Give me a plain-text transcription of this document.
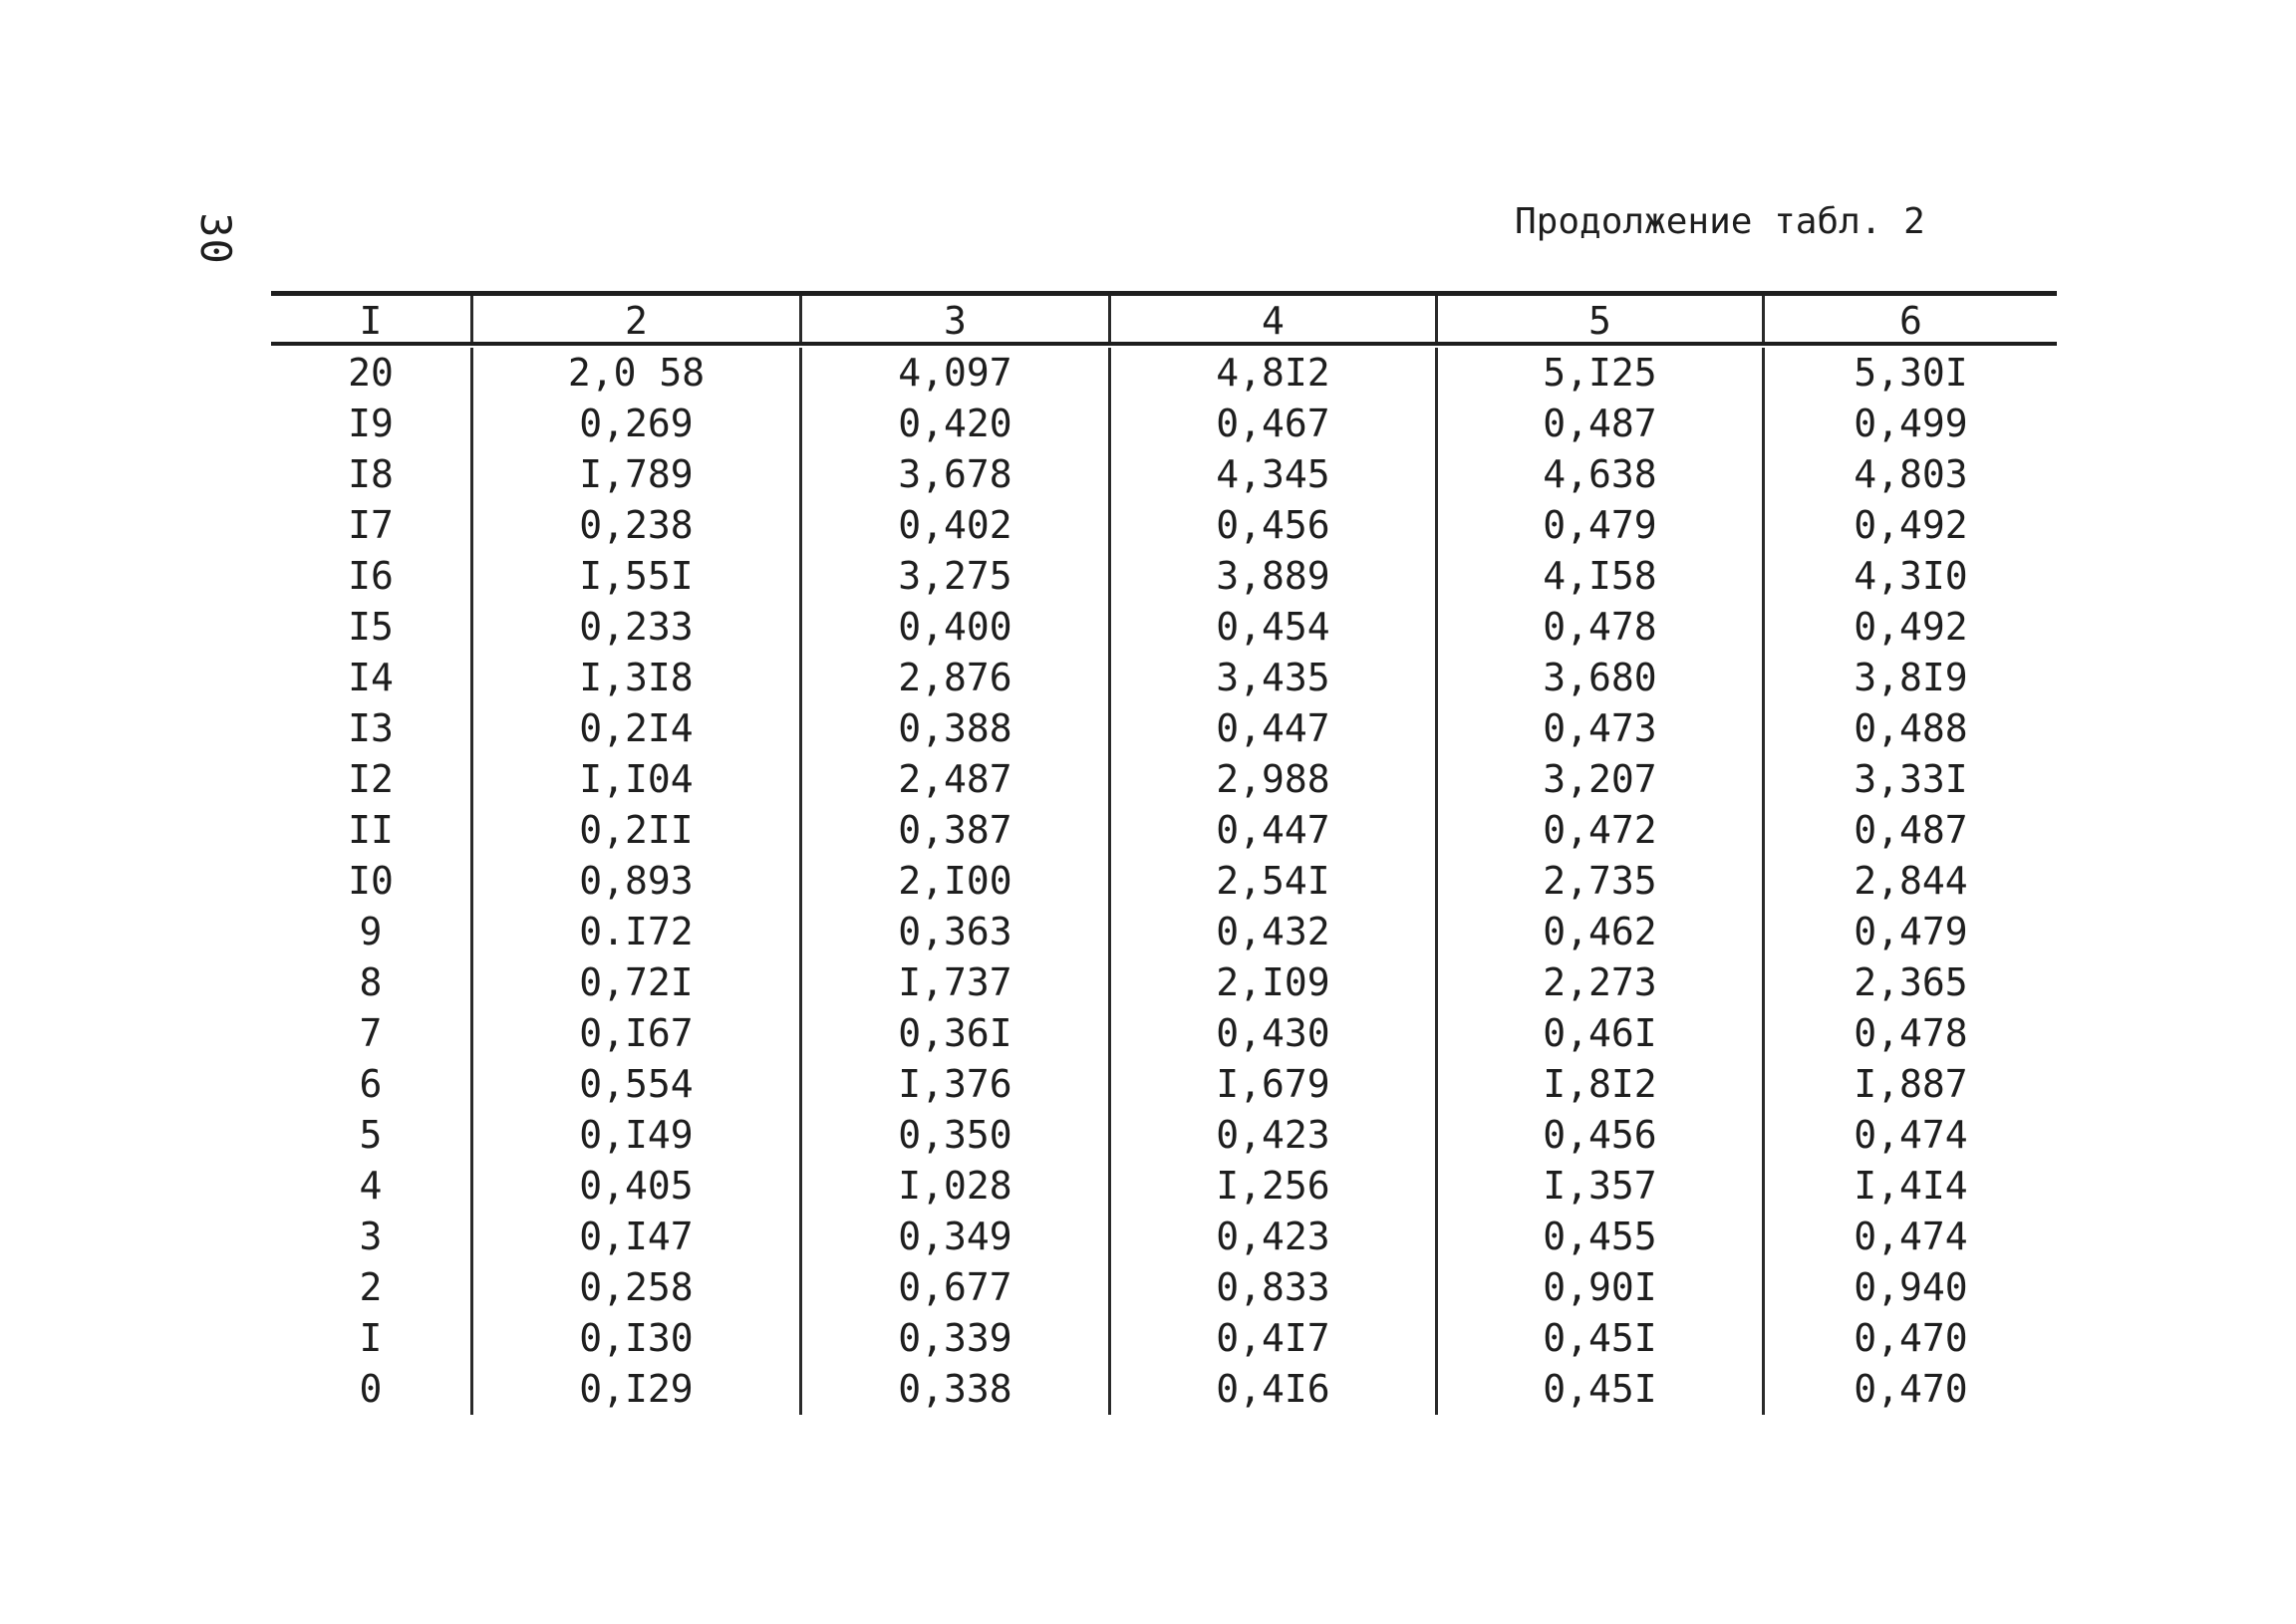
30	Продолжение табл. 2
I	2	3	4	5	6
20	2,0 58	4,097	4,8I2	5,I25	5,30I
I9	0,269	0,420	0,467	0,487	0,499
I8	I,789	3,678	4,345	4,638	4,803
I7	0,238	0,402	0,456	0,479	0,492
I6	I,55I	3,275	3,889	4,I58	4,3I0
I5	0,233	0,400	0,454	0,478	0,492
I4	I,3I8	2,876	3,435	3,680	3,8I9
I3	0,2I4	0,388	0,447	0,473	0,488
I2	I,I04	2,487	2,988	3,207	3,33I
II	0,2II	0,387	0,447	0,472	0,487
I0	0,893	2,I00	2,54I	2,735	2,844
9	0.I72	0,363	0,432	0,462	0,479
8	0,72I	I,737	2,I09	2,273	2,365
7	0,I67	0,36I	0,430	0,46I	0,478
6	0,554	I,376	I,679	I,8I2	I,887
5	0,I49	0,350	0,423	0,456	0,474
4	0,405	I,028	I,256	I,357	I,4I4
3	0,I47	0,349	0,423	0,455	0,474
2	0,258	0,677	0,833	0,90I	0,940
I	0,I30	0,339	0,4I7	0,45I	0,470
0	0,I29	0,338	0,4I6	0,45I	0,470
